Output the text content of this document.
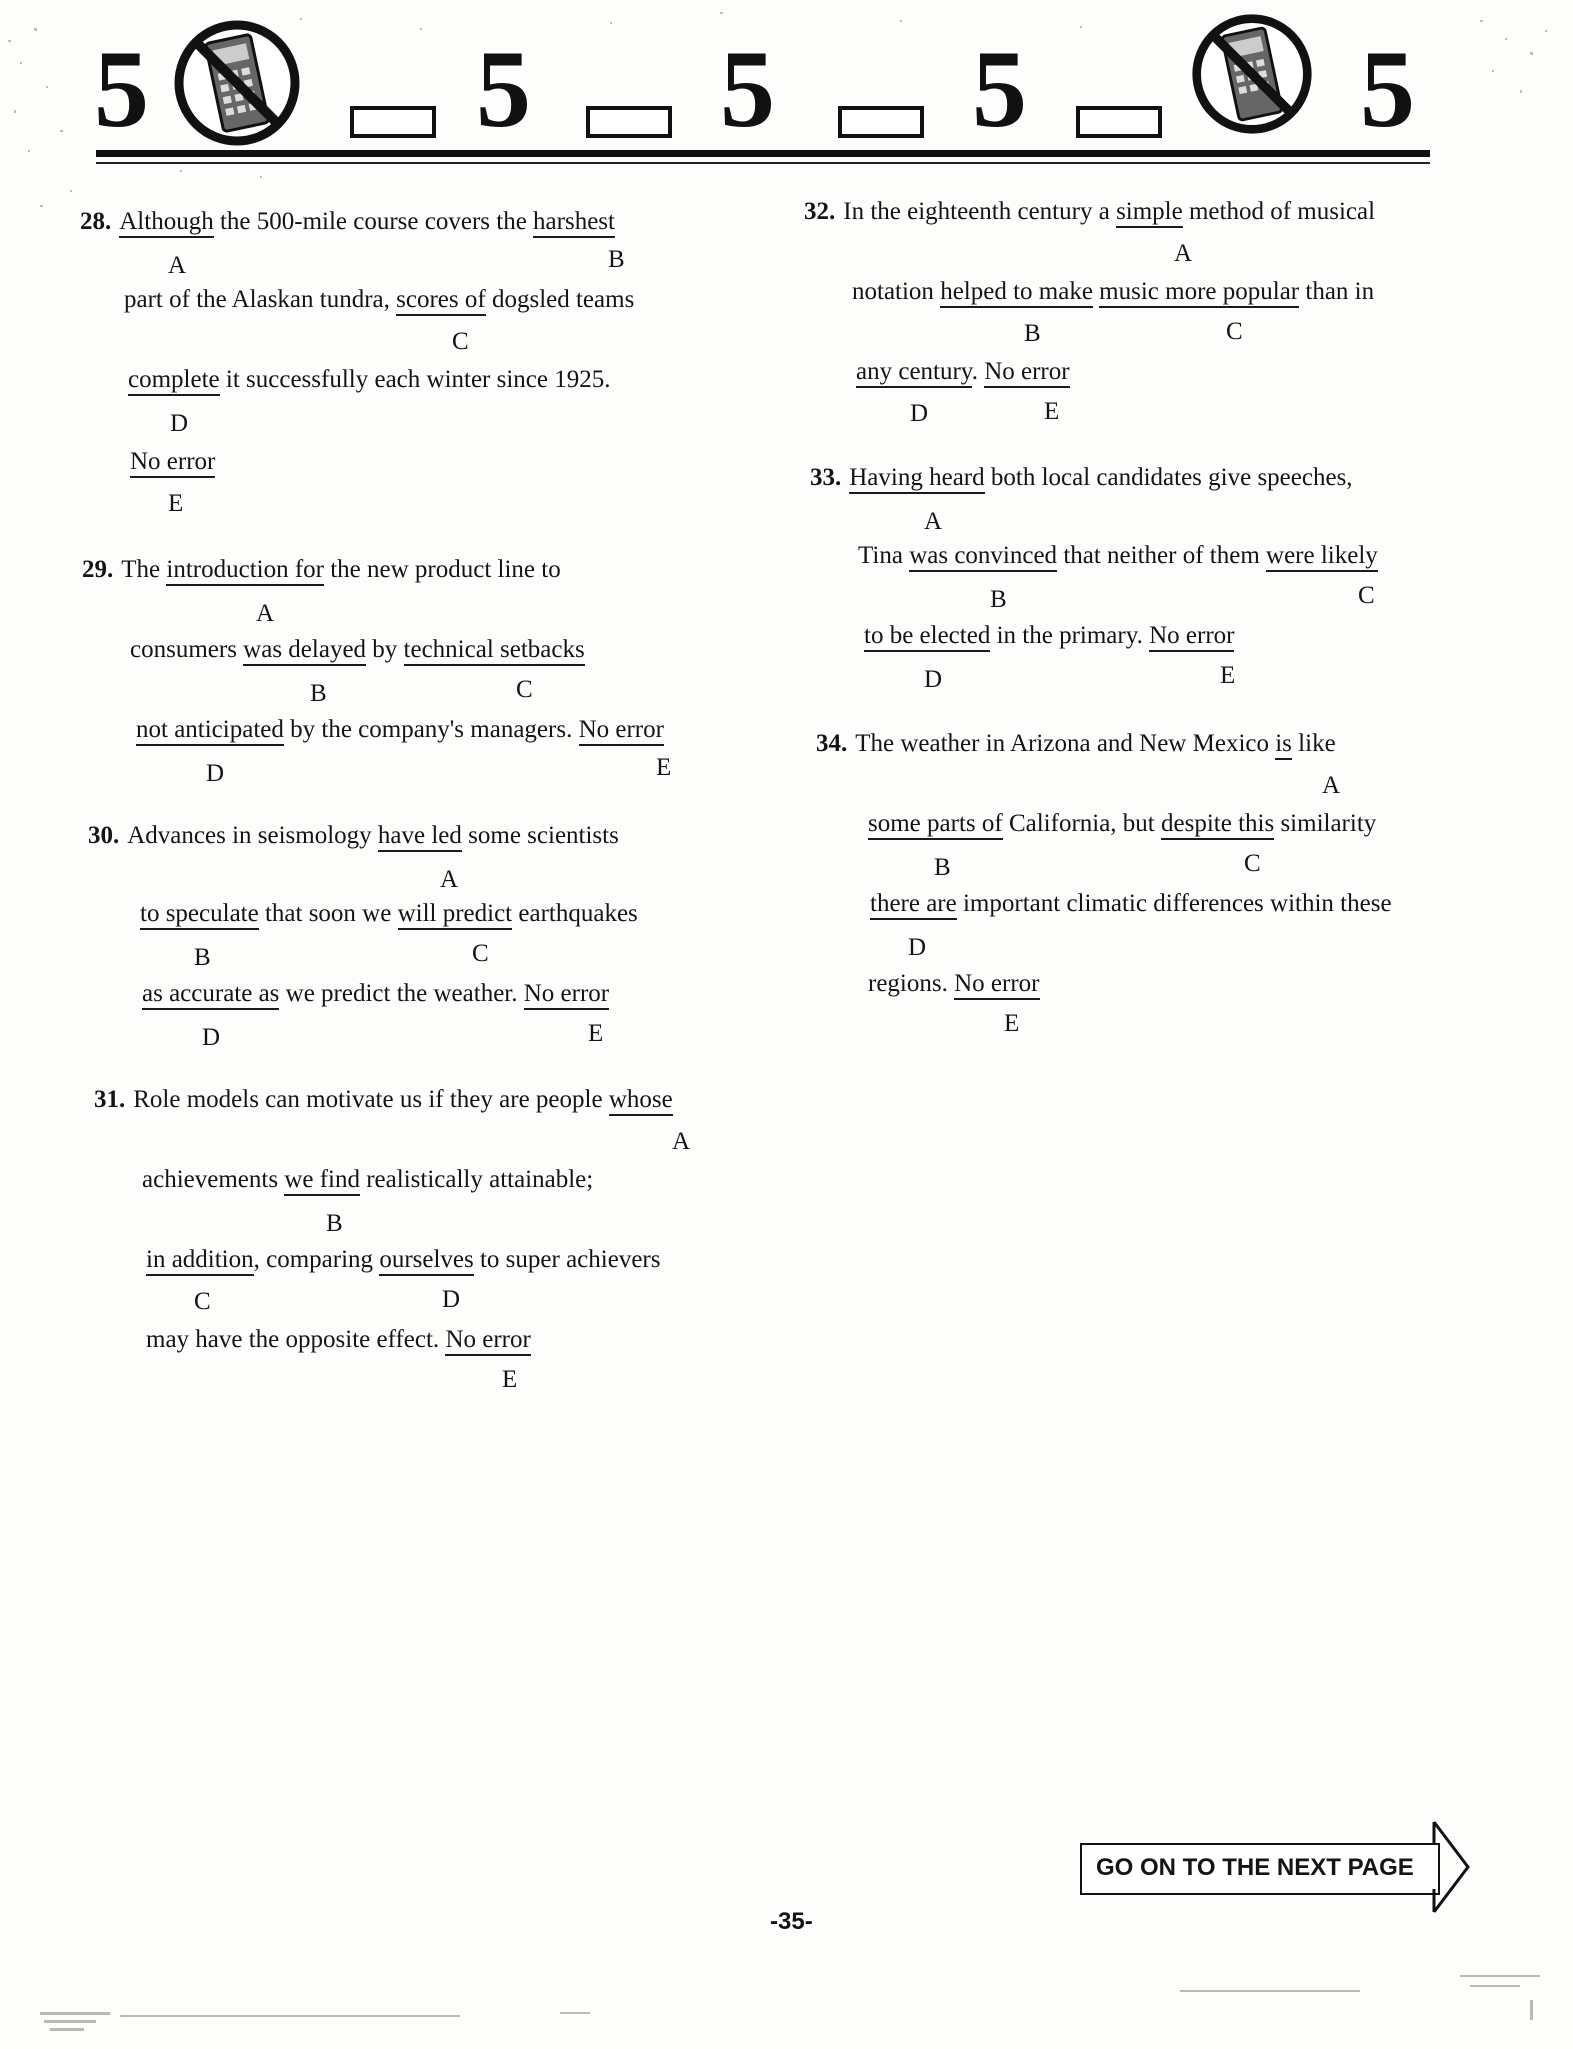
5	5 5 5	5
28. Although the 500-mile course covers the harshest
A	B
part of the Alaskan tundra, scores of dogsled teams
C
complete it successfully each winter since 1925.
D
No error
E
29. The introduction for the new product line to
A
consumers was delayed by technical setbacks
B	C
not anticipated by the company's managers. No error
D	E
30. Advances in seismology have led some scientists
A
to speculate that soon we will predict earthquakes
B	C
as accurate as we predict the weather. No error
D	E
31. Role models can motivate us if they are people whose
A
achievements we find realistically attainable;
B
in addition, comparing ourselves to super achievers
C	D
may have the opposite effect. No error
E
32. In the eighteenth century a simple method of musical
A
notation helped to make music more popular than in
B	C
any century. No error
D	E
33. Having heard both local candidates give speeches,
A
Tina was convinced that neither of them were likely
B	C
to be elected in the primary. No error
D	E
34. The weather in Arizona and New Mexico is like
A
some parts of California, but despite this similarity
B	C
there are important climatic differences within these
D
regions. No error
E
GO ON TO THE NEXT PAGE
-35-
